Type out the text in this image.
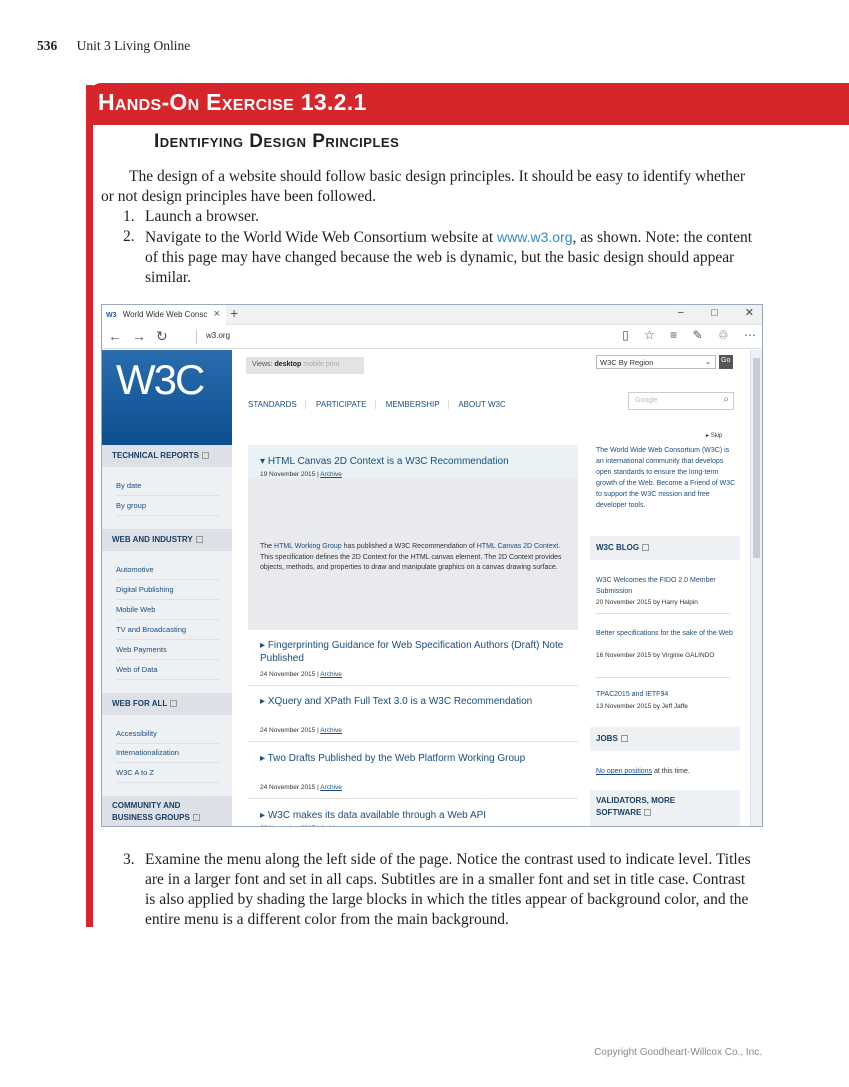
536 Unit 3 Living Online
Hands-On Exercise 13.2.1
Identifying Design Principles

The design of a website should follow basic design principles. It should be easy to identify whether or not design principles have been followed.

1. Launch a browser.
2. Navigate to the World Wide Web Consortium website at www.w3.org, as shown. Note: the content of this page may have changed because the web is dynamic, but the basic design should appear similar.
W3 World Wide Web Consc × +	− □ ✕
←→↻	w3.org	▯ ☆ ≡ ✎ ♲ ⋯
W3C	Views: desktop mobile print
STANDARDS PARTICIPATE MEMBERSHIP ABOUT W3C
W3C By Region	⌄ Go
Google	⌕
▸ Skip
TECHNICAL REPORTS
By date
By group
WEB AND INDUSTRY
Automotive
Digital Publishing
Mobile Web
TV and Broadcasting
Web Payments
Web of Data
WEB FOR ALL
Accessibility
Internationalization
W3C A to Z
COMMUNITY AND
BUSINESS GROUPS
▾ HTML Canvas 2D Context is a W3C Recommendation
19 November 2015 | Archive
The HTML Working Group has published a W3C Recommendation of HTML Canvas 2D Context. This specification defines the 2D Context for the HTML canvas element. The 2D Context provides objects, methods, and properties to draw and manipulate graphics on a canvas drawing surface.
▸ Fingerprinting Guidance for Web Specification Authors (Draft) Note Published
24 November 2015 | Archive
▸ XQuery and XPath Full Text 3.0 is a W3C Recommendation
24 November 2015 | Archive
▸ Two Drafts Published by the Web Platform Working Group
24 November 2015 | Archive
▸ W3C makes its data available through a Web API
The World Wide Web Consortium (W3C) is an international community that develops open standards to ensure the long-term growth of the Web. Become a Friend of W3C to support the W3C mission and free developer tools.
W3C BLOG
W3C Welcomes the FIDO 2.0 Member Submission
20 November 2015 by Harry Halpin
Better specifications for the sake of the Web
16 November 2015 by Virginie GALINDO
TPAC2015 and IETF94
13 November 2015 by Jeff Jaffe
JOBS
No open positions at this time.
VALIDATORS, MORE
SOFTWARE
3. Examine the menu along the left side of the page. Notice the contrast used to indicate level. Titles are in a larger font and set in all caps. Subtitles are in a smaller font and set in title case. Contrast is also applied by shading the large blocks in which the titles appear of background color, and the entire menu is a different color from the main background.
Copyright Goodheart-Willcox Co., Inc.
